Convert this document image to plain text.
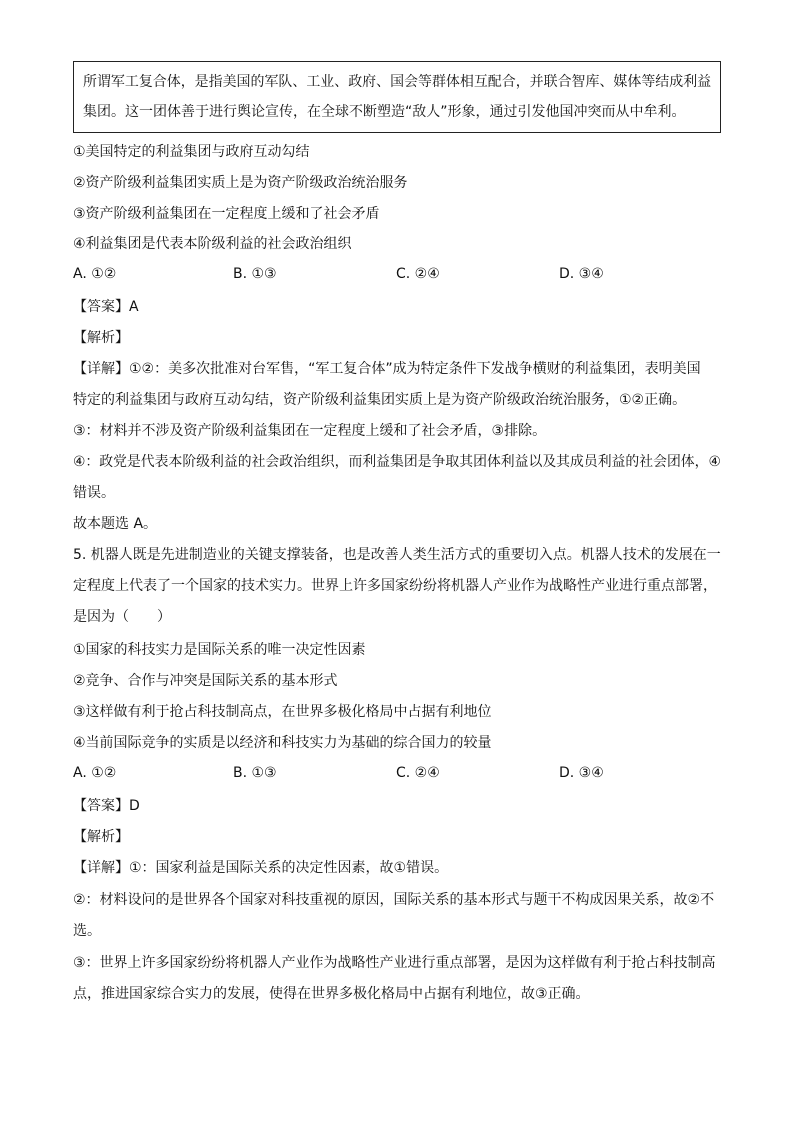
所谓军工复合体，是指美国的军队、工业、政府、国会等群体相互配合，并联合智库、媒体等结成利益
集团。这一团体善于进行舆论宣传，在全球不断塑造“敌人”形象，通过引发他国冲突而从中牟利。
①美国特定的利益集团与政府互动勾结
②资产阶级利益集团实质上是为资产阶级政治统治服务
③资产阶级利益集团在一定程度上缓和了社会矛盾
④利益集团是代表本阶级利益的社会政治组织
A. ①②	B. ①③	C. ②④	D. ③④
【答案】A
【解析】
【详解】①②：美多次批准对台军售，“军工复合体”成为特定条件下发战争横财的利益集团，表明美国
特定的利益集团与政府互动勾结，资产阶级利益集团实质上是为资产阶级政治统治服务，①②正确。
③：材料并不涉及资产阶级利益集团在一定程度上缓和了社会矛盾，③排除。
④：政党是代表本阶级利益的社会政治组织，而利益集团是争取其团体利益以及其成员利益的社会团体，④
错误。
故本题选 A。
5. 机器人既是先进制造业的关键支撑装备，也是改善人类生活方式的重要切入点。机器人技术的发展在一
定程度上代表了一个国家的技术实力。世界上许多国家纷纷将机器人产业作为战略性产业进行重点部署，
是因为（　　）
①国家的科技实力是国际关系的唯一决定性因素
②竞争、合作与冲突是国际关系的基本形式
③这样做有利于抢占科技制高点，在世界多极化格局中占据有利地位
④当前国际竞争的实质是以经济和科技实力为基础的综合国力的较量
A. ①②	B. ①③	C. ②④	D. ③④
【答案】D
【解析】
【详解】①：国家利益是国际关系的决定性因素，故①错误。
②：材料设问的是世界各个国家对科技重视的原因，国际关系的基本形式与题干不构成因果关系，故②不
选。
③：世界上许多国家纷纷将机器人产业作为战略性产业进行重点部署，是因为这样做有利于抢占科技制高
点，推进国家综合实力的发展，使得在世界多极化格局中占据有利地位，故③正确。
